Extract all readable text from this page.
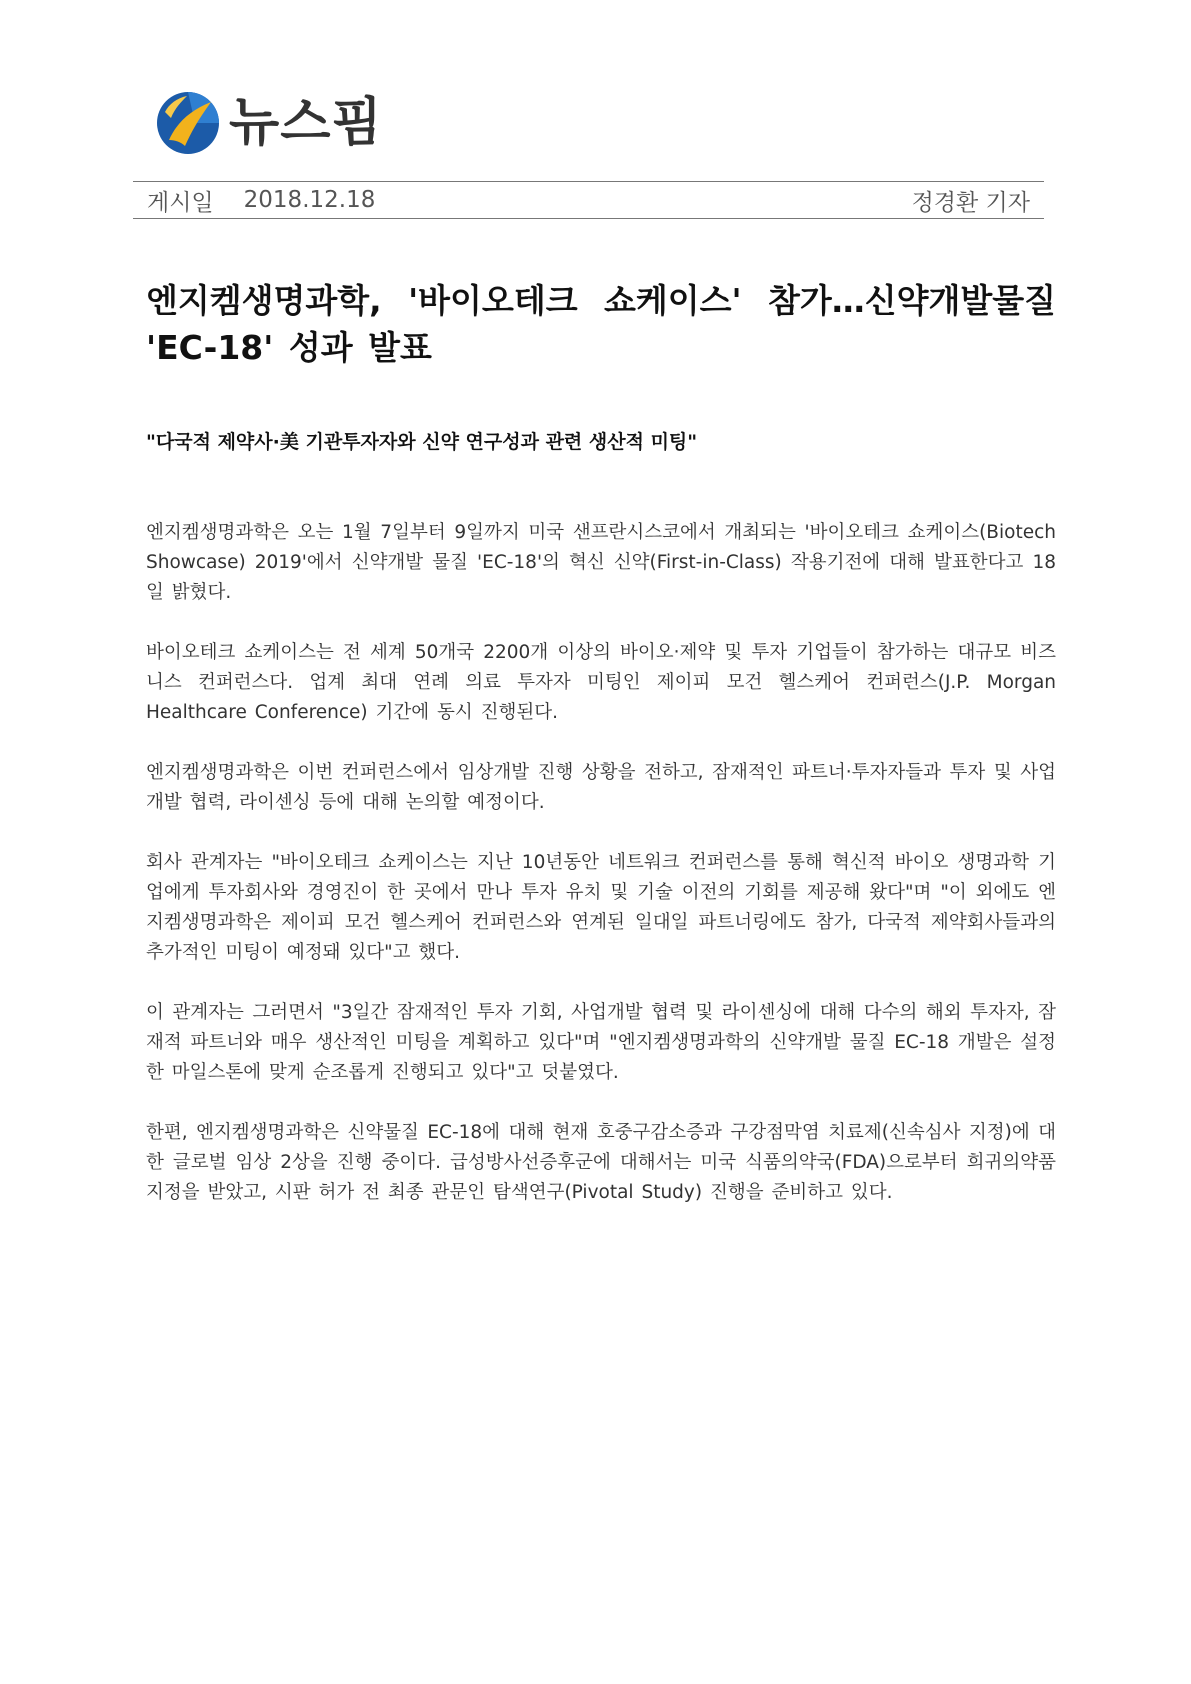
뉴스핌
게시일 2018.12.18	정경환 기자
엔지켐생명과학, '바이오테크 쇼케이스' 참가…신약개발물질 'EC-18' 성과 발표
"다국적 제약사·美 기관투자자와 신약 연구성과 관련 생산적 미팅"

엔지켐생명과학은 오는 1월 7일부터 9일까지 미국 샌프란시스코에서 개최되는 '바이오테크 쇼케이스(Biotech Showcase) 2019'에서 신약개발 물질 'EC-18'의 혁신 신약(First-in-Class) 작용기전에 대해 발표한다고 18일 밝혔다.

바이오테크 쇼케이스는 전 세계 50개국 2200개 이상의 바이오·제약 및 투자 기업들이 참가하는 대규모 비즈니스 컨퍼런스다. 업계 최대 연례 의료 투자자 미팅인 제이피 모건 헬스케어 컨퍼런스(J.P. Morgan Healthcare Conference) 기간에 동시 진행된다.

엔지켐생명과학은 이번 컨퍼런스에서 임상개발 진행 상황을 전하고, 잠재적인 파트너·투자자들과 투자 및 사업개발 협력, 라이센싱 등에 대해 논의할 예정이다.

회사 관계자는 "바이오테크 쇼케이스는 지난 10년동안 네트워크 컨퍼런스를 통해 혁신적 바이오 생명과학 기업에게 투자회사와 경영진이 한 곳에서 만나 투자 유치 및 기술 이전의 기회를 제공해 왔다"며 "이 외에도 엔지켐생명과학은 제이피 모건 헬스케어 컨퍼런스와 연계된 일대일 파트너링에도 참가, 다국적 제약회사들과의 추가적인 미팅이 예정돼 있다"고 했다.

이 관계자는 그러면서 "3일간 잠재적인 투자 기회, 사업개발 협력 및 라이센싱에 대해 다수의 해외 투자자, 잠재적 파트너와 매우 생산적인 미팅을 계획하고 있다"며 "엔지켐생명과학의 신약개발 물질 EC-18 개발은 설정한 마일스톤에 맞게 순조롭게 진행되고 있다"고 덧붙였다.

한편, 엔지켐생명과학은 신약물질 EC-18에 대해 현재 호중구감소증과 구강점막염 치료제(신속심사 지정)에 대한 글로벌 임상 2상을 진행 중이다. 급성방사선증후군에 대해서는 미국 식품의약국(FDA)으로부터 희귀의약품 지정을 받았고, 시판 허가 전 최종 관문인 탐색연구(Pivotal Study) 진행을 준비하고 있다.
